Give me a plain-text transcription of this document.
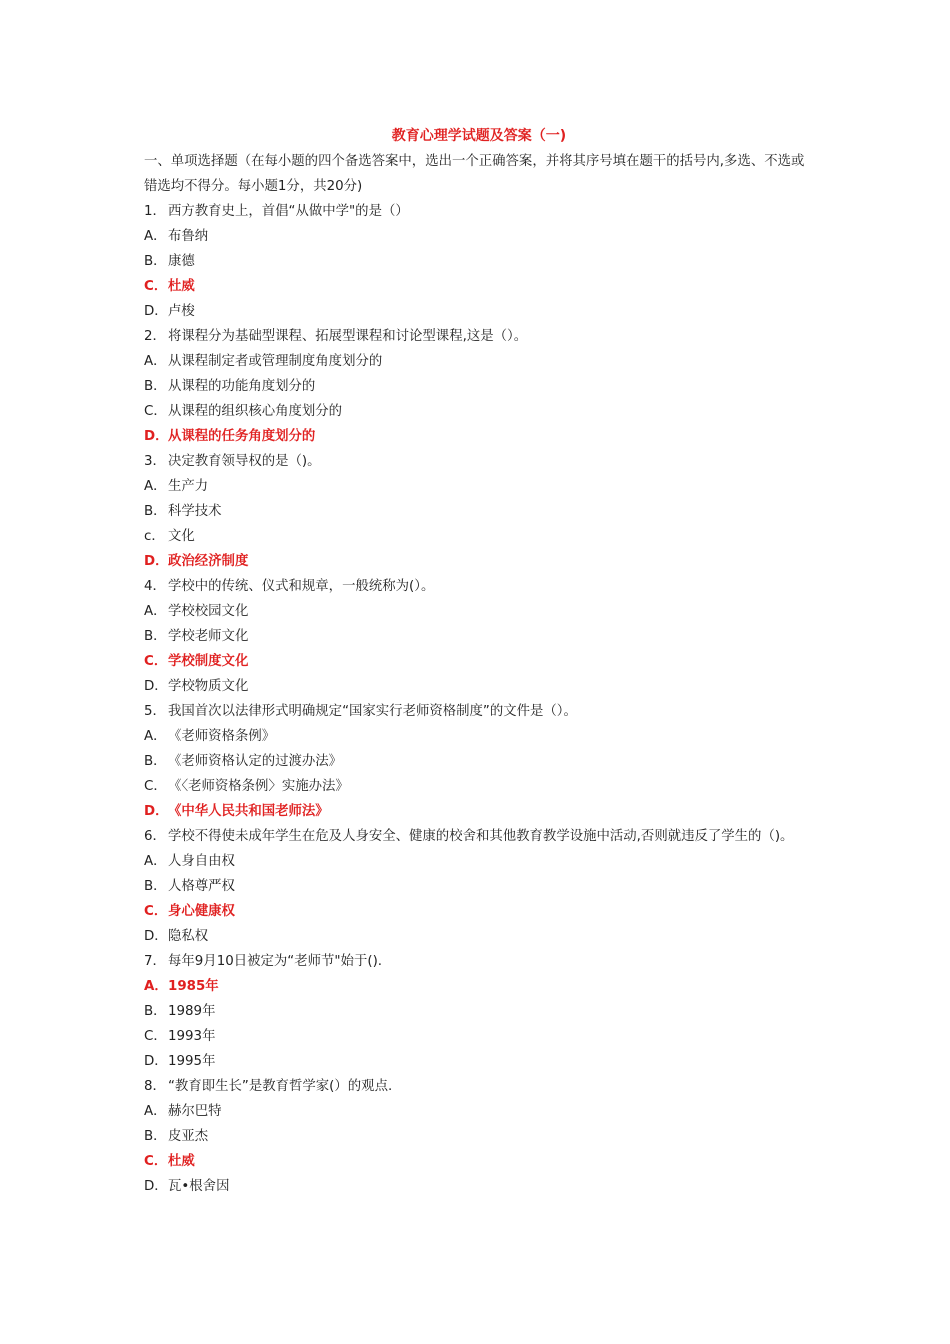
教育心理学试题及答案（一)
一、单项选择题（在每小题的四个备选答案中，选出一个正确答案，并将其序号填在题干的括号内,多选、不选或错选均不得分。每小题1分，共20分)
1． 西方教育史上，首倡“从做中学"的是（）
A．布鲁纳
B．康德
C．杜威
D．卢梭
2． 将课程分为基础型课程、拓展型课程和讨论型课程,这是（）。
A．从课程制定者或管理制度角度划分的
B．从课程的功能角度划分的
C．从课程的组织核心角度划分的
D．从课程的任务角度划分的
3． 决定教育领导权的是（)。
A．生产力
B．科学技术
c． 文化
D．政治经济制度
4． 学校中的传统、仪式和规章，一般统称为(）。
A．学校校园文化
B．学校老师文化
C．学校制度文化
D．学校物质文化
5． 我国首次以法律形式明确规定“国家实行老师资格制度”的文件是（）。
A．《老师资格条例》
B．《老师资格认定的过渡办法》
C．《〈老师资格条例〉实施办法》
D．《中华人民共和国老师法》
6． 学校不得使未成年学生在危及人身安全、健康的校舍和其他教育教学设施中活动,否则就违反了学生的（)。
A．人身自由权
B．人格尊严权
C．身心健康权
D．隐私权
7． 每年9月10日被定为“老师节"始于().
A．1985年
B．1989年
C．1993年
D．1995年
8． “教育即生长”是教育哲学家(）的观点.
A．赫尔巴特
B．皮亚杰
C．杜威
D．瓦•根舍因
